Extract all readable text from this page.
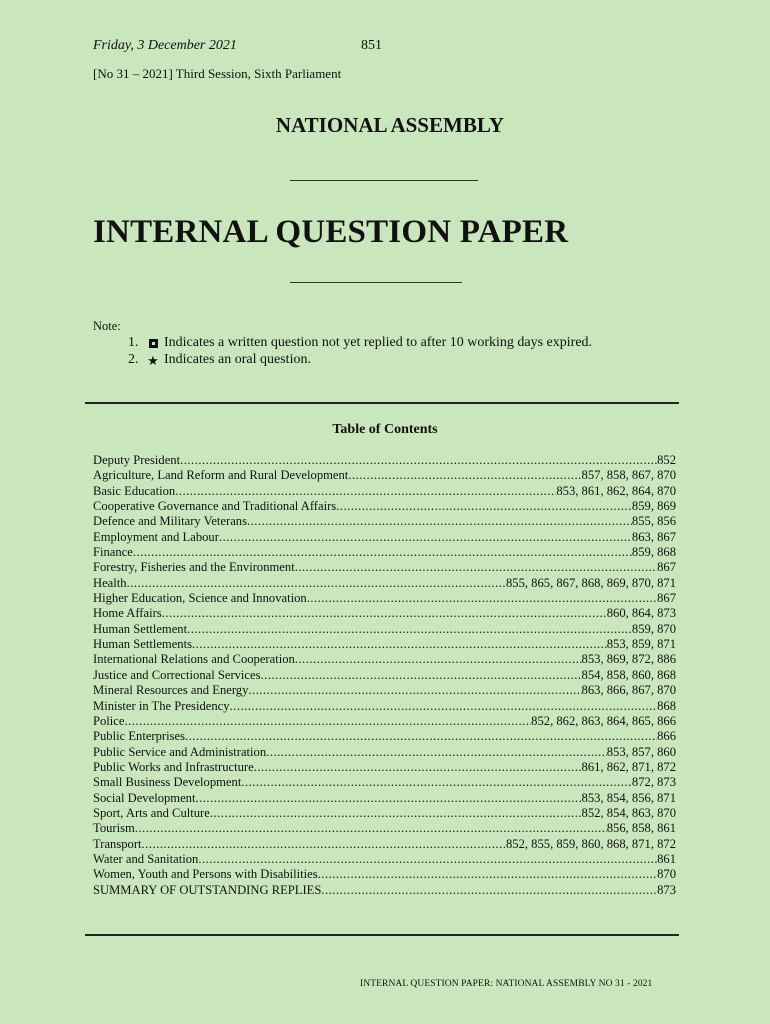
Friday, 3 December 2021	851
[No 31 – 2021] Third Session, Sixth Parliament
NATIONAL ASSEMBLY
INTERNAL QUESTION PAPER
Note:
1. Indicates a written question not yet replied to after 10 working days expired.
2. ★ Indicates an oral question.
Table of Contents
Deputy President .....	852
Agriculture, Land Reform and Rural Development .....	857, 858, 867, 870
Basic Education .....	853, 861, 862, 864, 870
Cooperative Governance and Traditional Affairs .....	859, 869
Defence and Military Veterans .....	855, 856
Employment and Labour .....	863, 867
Finance .....	859, 868
Forestry, Fisheries and the Environment .....	867
Health .....	855, 865, 867, 868, 869, 870, 871
Higher Education, Science and Innovation .....	867
Home Affairs .....	860, 864, 873
Human Settlement .....	859, 870
Human Settlements .....	853, 859, 871
International Relations and Cooperation .....	853, 869, 872, 886
Justice and Correctional Services .....	854, 858, 860, 868
Mineral Resources and Energy .....	863, 866, 867, 870
Minister in The Presidency .....	868
Police .....	852, 862, 863, 864, 865, 866
Public Enterprises .....	866
Public Service and Administration .....	853, 857, 860
Public Works and Infrastructure .....	861, 862, 871, 872
Small Business Development .....	872, 873
Social Development .....	853, 854, 856, 871
Sport, Arts and Culture .....	852, 854, 863, 870
Tourism .....	856, 858, 861
Transport .....	852, 855, 859, 860, 868, 871, 872
Water and Sanitation .....	861
Women, Youth and Persons with Disabilities .....	870
SUMMARY OF OUTSTANDING REPLIES .....	873
INTERNAL QUESTION PAPER: NATIONAL ASSEMBLY NO 31 - 2021
